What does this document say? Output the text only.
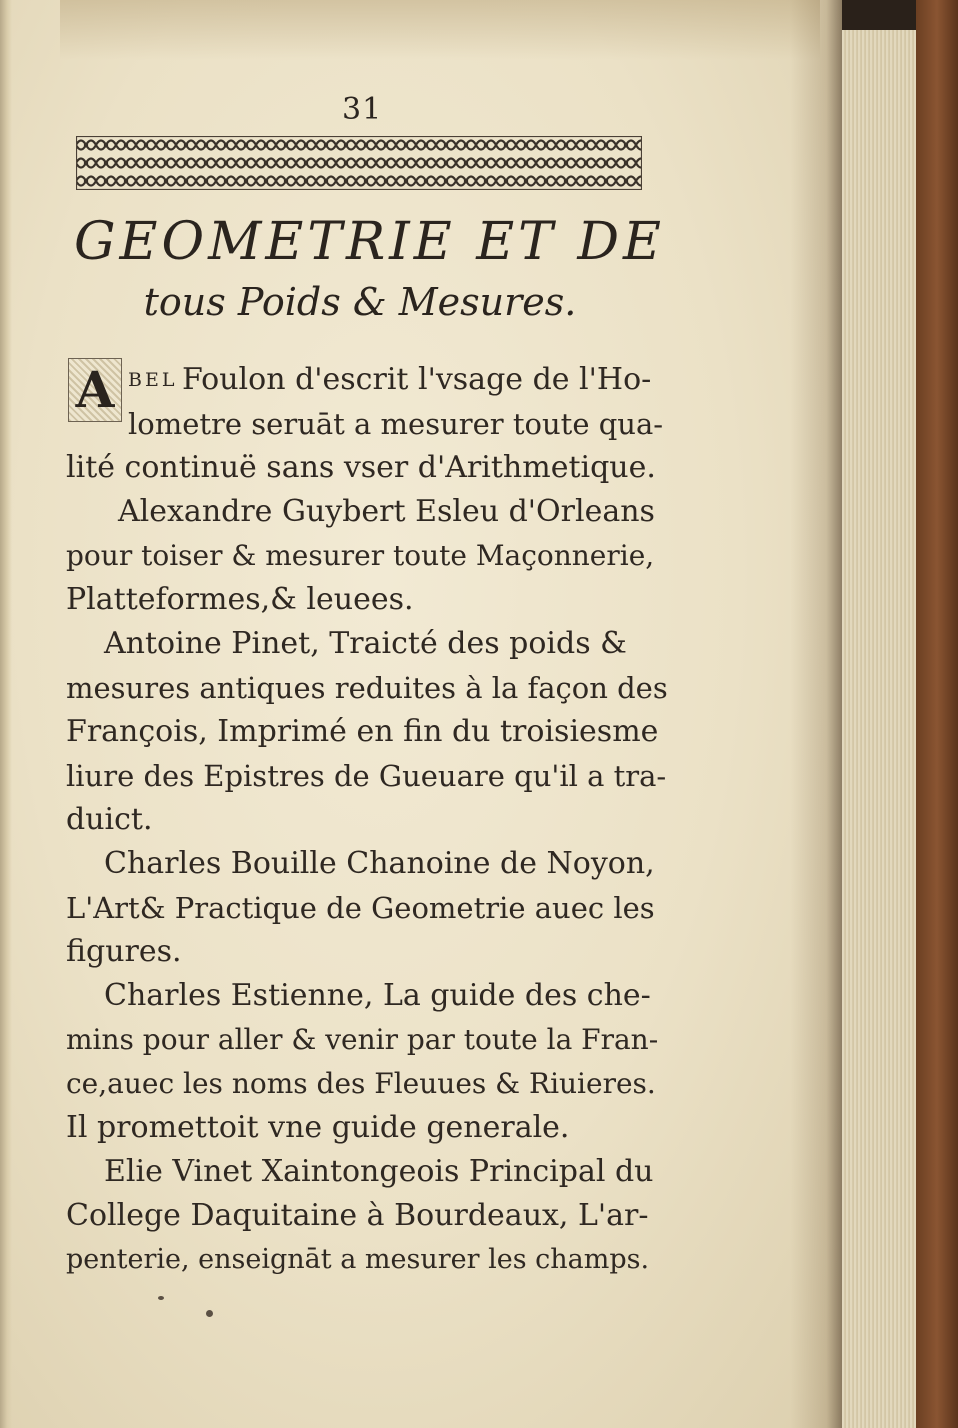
31
GEOMETRIE ET DE
tous Poids & Mesures.
A BEL Foulon d'escrit l'vsage de l'Ho-
lometre seruāt a mesurer toute qua-
lité continuë sans vser d'Arithmetique.
Alexandre Guybert Esleu d'Orleans
pour toiser & mesurer toute Maçonnerie,
Platteformes,& leuees.
Antoine Pinet, Traicté des poids &
mesures antiques reduites à la façon des
François, Imprimé en fin du troisiesme
liure des Epistres de Gueuare qu'il a tra-
duict.
Charles Bouille Chanoine de Noyon,
L'Art& Practique de Geometrie auec les
figures.
Charles Estienne, La guide des che-
mins pour aller & venir par toute la Fran-
ce,auec les noms des Fleuues & Riuieres.
Il promettoit vne guide generale.
Elie Vinet Xaintongeois Principal du
College Daquitaine à Bourdeaux, L'ar-
penterie, enseignāt a mesurer les champs.
